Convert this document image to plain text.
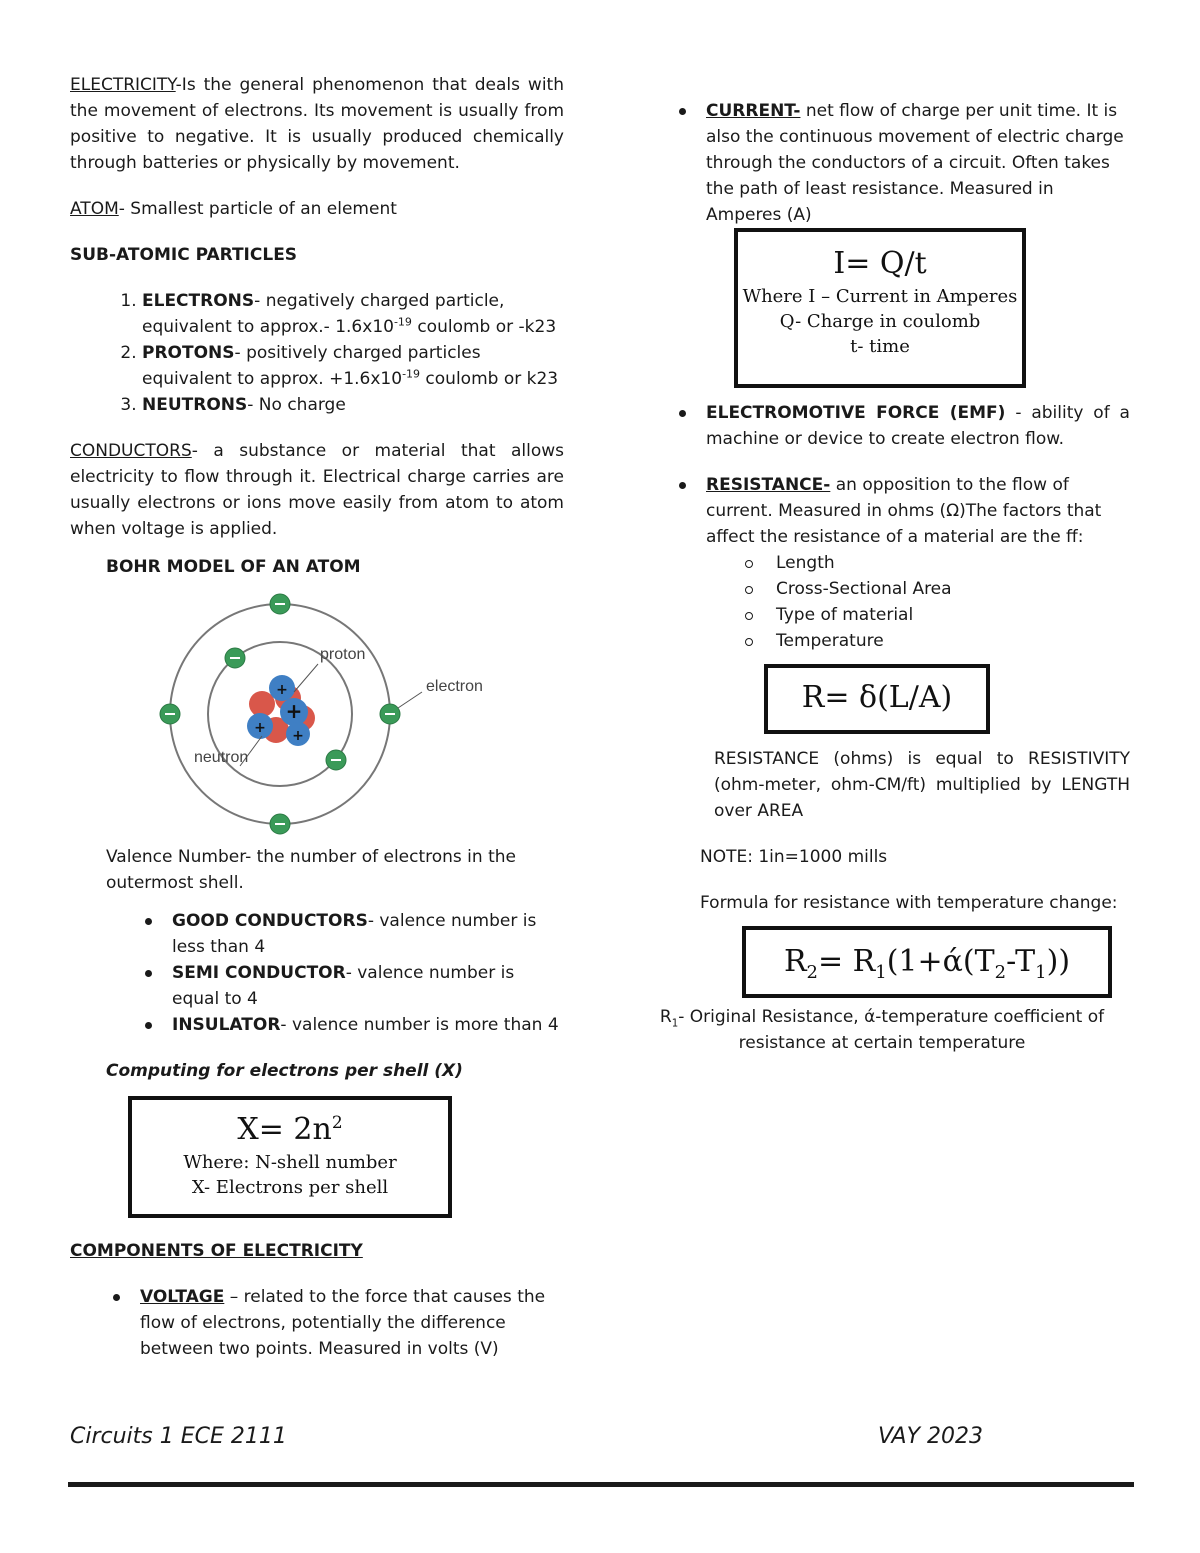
ELECTRICITY-Is the general phenomenon that deals with the movement of electrons. Its movement is usually from positive to negative. It is usually produced chemically through batteries or physically by movement.

ATOM- Smallest particle of an element

SUB-ATOMIC PARTICLES

1. ELECTRONS- negatively charged particle, equivalent to approx.- $1.6x10^{-19}$ coulomb or -k23
2. PROTONS- positively charged particles equivalent to approx. $+1.6x10^{-19}$ coulomb or k23
3. NEUTRONS- No charge

CONDUCTORS- a substance or material that allows electricity to flow through it. Electrical charge carries are usually electrons or ions move easily from atom to atom when voltage is applied.

BOHR MODEL OF AN ATOM

+
+
+
+
proton
electron
neutron

Valence Number- the number of electrons in the outermost shell.

GOOD CONDUCTORS- valence number is less than 4
SEMI CONDUCTOR- valence number is equal to 4
INSULATOR- valence number is more than 4

Computing for electrons per shell (X)

$X= 2n^2$
Where: N-shell number
X- Electrons per shell

COMPONENTS OF ELECTRICITY

VOLTAGE – related to the force that causes the flow of electrons, potentially the difference between two points. Measured in volts (V)
CURRENT- net flow of charge per unit time. It is also the continuous movement of electric charge through the conductors of a circuit. Often takes the path of least resistance. Measured in Amperes (A)
I= Q/t
Where I – Current in Amperes
Q- Charge in coulomb
t- time
ELECTROMOTIVE FORCE (EMF) - ability of a machine or device to create electron flow.
RESISTANCE- an opposition to the flow of current. Measured in ohms (Ω)The factors that affect the resistance of a material are the ff:
Length
Cross-Sectional Area
Type of material
Temperature
R= δ(L/A)

RESISTANCE (ohms) is equal to RESISTIVITY (ohm-meter, ohm-CM/ft) multiplied by LENGTH over AREA

NOTE: 1in=1000 mills

Formula for resistance with temperature change:

$R_2= R_1(1+ά(T_2-T_1))$

$R_1-$ Original Resistance, ά-temperature coefficient of resistance at certain temperature

Circuits 1 ECE 2111	VAY 2023
